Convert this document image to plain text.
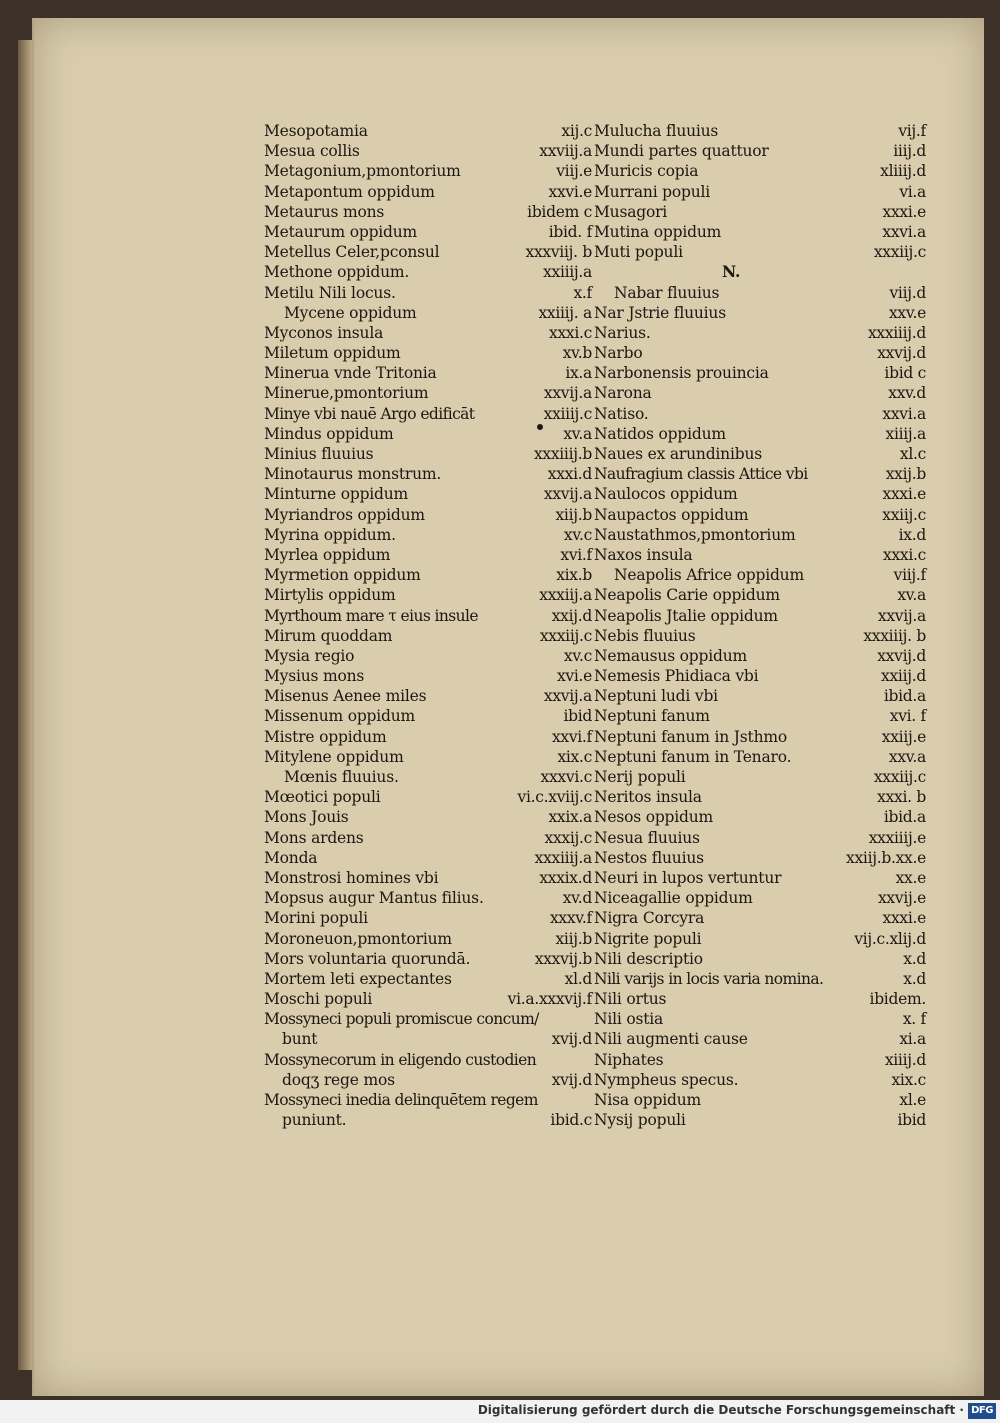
Mesopotamia	xij.c
Mesua collis	xxviij.a
Metagonium,pmontorium	viij.e
Metapontum oppidum	xxvi.e
Metaurus mons	ibidem c
Metaurum oppidum	ibid. f
Metellus Celer,pconsul	xxxviij. b
Methone oppidum.	xxiiij.a
Metilu Nili locus.	x.f
Mycene oppidum	xxiiij. a
Myconos insula	xxxi.c
Miletum oppidum	xv.b
Minerua vnde Tritonia	ix.a
Minerue,pmontorium	xxvij.a
Minye vbi nauē Argo edificāt	xxiiij.c
Mindus oppidum	xv.a
Minius fluuius	xxxiiij.b
Minotaurus monstrum.	xxxi.d
Minturne oppidum	xxvij.a
Myriandros oppidum	xiij.b
Myrina oppidum.	xv.c
Myrlea oppidum	xvi.f
Myrmetion oppidum	xix.b
Mirtylis oppidum	xxxiij.a
Myrthoum mare τ eius insule	xxij.d
Mirum quoddam	xxxiij.c
Mysia regio	xv.c
Mysius mons	xvi.e
Misenus Aenee miles	xxvij.a
Missenum oppidum	ibid
Mistre oppidum	xxvi.f
Mitylene oppidum	xix.c
Mœnis fluuius.	xxxvi.c
Mœotici populi	vi.c.xviij.c
Mons Jouis	xxix.a
Mons ardens	xxxij.c
Monda	xxxiiij.a
Monstrosi homines vbi	xxxix.d
Mopsus augur Mantus filius.	xv.d
Morini populi	xxxv.f
Moroneuon,pmontorium	xiij.b
Mors voluntaria quorundā.	xxxvij.b
Mortem leti expectantes	xl.d
Moschi populi	vi.a.xxxvij.f
Mossyneci populi promiscue concum/
bunt	xvij.d
Mossynecorum in eligendo custodien
doqʒ rege mos	xvij.d
Mossyneci inedia delinquētem regem
puniunt.	ibid.c
Mulucha fluuius	vij.f
Mundi partes quattuor	iiij.d
Muricis copia	xliiij.d
Murrani populi	vi.a
Musagori	xxxi.e
Mutina oppidum	xxvi.a
Muti populi	xxxiij.c
N.
Nabar fluuius	viij.d
Nar Jstrie fluuius	xxv.e
Narius.	xxxiiij.d
Narbo	xxvij.d
Narbonensis prouincia	ibid c
Narona	xxv.d
Natiso.	xxvi.a
Natidos oppidum	xiiij.a
Naues ex arundinibus	xl.c
Naufragium classis Attice vbi	xxij.b
Naulocos oppidum	xxxi.e
Naupactos oppidum	xxiij.c
Naustathmos,pmontorium	ix.d
Naxos insula	xxxi.c
Neapolis Africe oppidum	viij.f
Neapolis Carie oppidum	xv.a
Neapolis Jtalie oppidum	xxvij.a
Nebis fluuius	xxxiiij. b
Nemausus oppidum	xxvij.d
Nemesis Phidiaca vbi	xxiij.d
Neptuni ludi vbi	ibid.a
Neptuni fanum	xvi. f
Neptuni fanum in Jsthmo	xxiij.e
Neptuni fanum in Tenaro.	xxv.a
Nerij populi	xxxiij.c
Neritos insula	xxxi. b
Nesos oppidum	ibid.a
Nesua fluuius	xxxiiij.e
Nestos fluuius	xxiij.b.xx.e
Neuri in lupos vertuntur	xx.e
Niceagallie oppidum	xxvij.e
Nigra Corcyra	xxxi.e
Nigrite populi	vij.c.xlij.d
Nili descriptio	x.d
Nili varijs in locis varia nomina.	x.d
Nili ortus	ibidem.
Nili ostia	x. f
Nili augmenti cause	xi.a
Niphates	xiiij.d
Nympheus specus.	xix.c
Nisa oppidum	xl.e
Nysij populi	ibid
Digitalisierung gefördert durch die Deutsche Forschungsgemeinschaft · DFG
